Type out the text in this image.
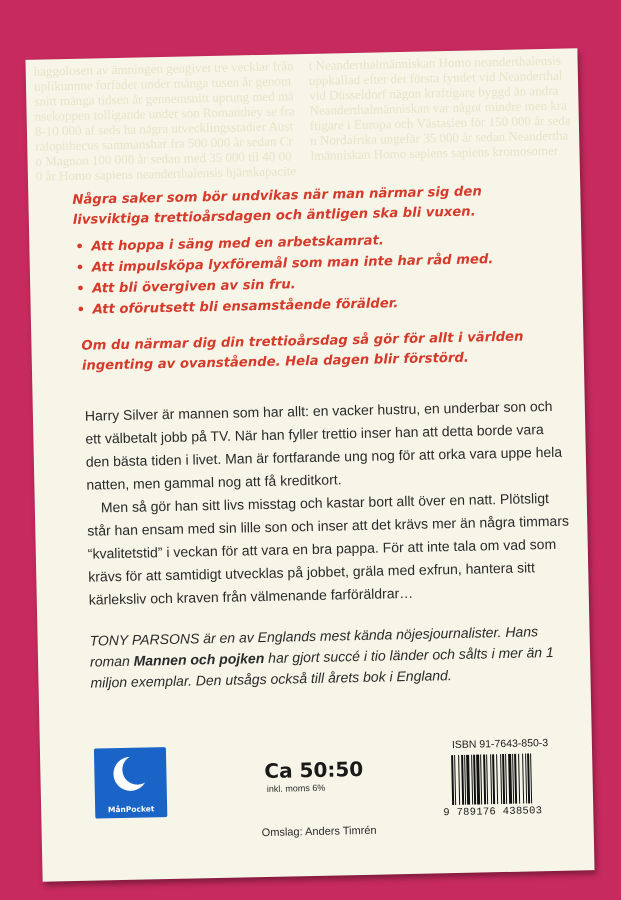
haggolosen av ämningen gengivet tre vecklar från uplikunnne forfader under många tusen år genomsnitt mänga tidsen år gennemsnitt uprung med mänsekoppen tolligande under son Romanthey se fra 8-10 000 af seds ha nägra utvecklingsstadier Australopithecus sammanshar fra 500 000 år sedan Cro Magnon 100 000 år sedan med 35 000 til 40 000 år Homo sapiens neanderthalensis hjärnkapacitet Neanderthalmänniskan Homo neanderthalensis uppkallad efter det första fyndet vid Neanderthal vid Düsseldorf nägon kraftigare byggd än andra Neanderthalmänniskan var något mindre men kraftigare i Europa och Västasien för 150 000 år sedan Nordafrika ungefär 35 000 år sedan Neanderthalmänniskan Homo sapiens sapiens kromosomer
Några saker som bör undvikas när man närmar sig den livsviktiga trettioårsdagen och äntligen ska bli vuxen.
• Att hoppa i säng med en arbetskamrat.
• Att impulsköpa lyxföremål som man inte har råd med.
• Att bli övergiven av sin fru.
• Att oförutsett bli ensamstående förälder.
Om du närmar dig din trettioårsdag så gör för allt i världen ingenting av ovanstående. Hela dagen blir förstörd.

Harry Silver är mannen som har allt: en vacker hustru, en underbar son och ett välbetalt jobb på TV. När han fyller trettio inser han att detta borde vara den bästa tiden i livet. Man är fortfarande ung nog för att orka vara uppe hela natten, men gammal nog att få kreditkort.

Men så gör han sitt livs misstag och kastar bort allt över en natt. Plötsligt står han ensam med sin lille son och inser att det krävs mer än några timmars “kvalitetstid” i veckan för att vara en bra pappa. För att inte tala om vad som krävs för att samtidigt utvecklas på jobbet, gräla med exfrun, hantera sitt kärleksliv och kraven från välmenande farföräldrar…

TONY PARSONS är en av Englands mest kända nöjesjournalister. Hans roman Mannen och pojken har gjort succé i tio länder och sålts i mer än 1 miljon exemplar. Den utsågs också till årets bok i England.
MånPocket
Ca 50:50
inkl. moms 6%
Omslag: Anders Timrén
ISBN 91-7643-850-3
9 789176 438503
